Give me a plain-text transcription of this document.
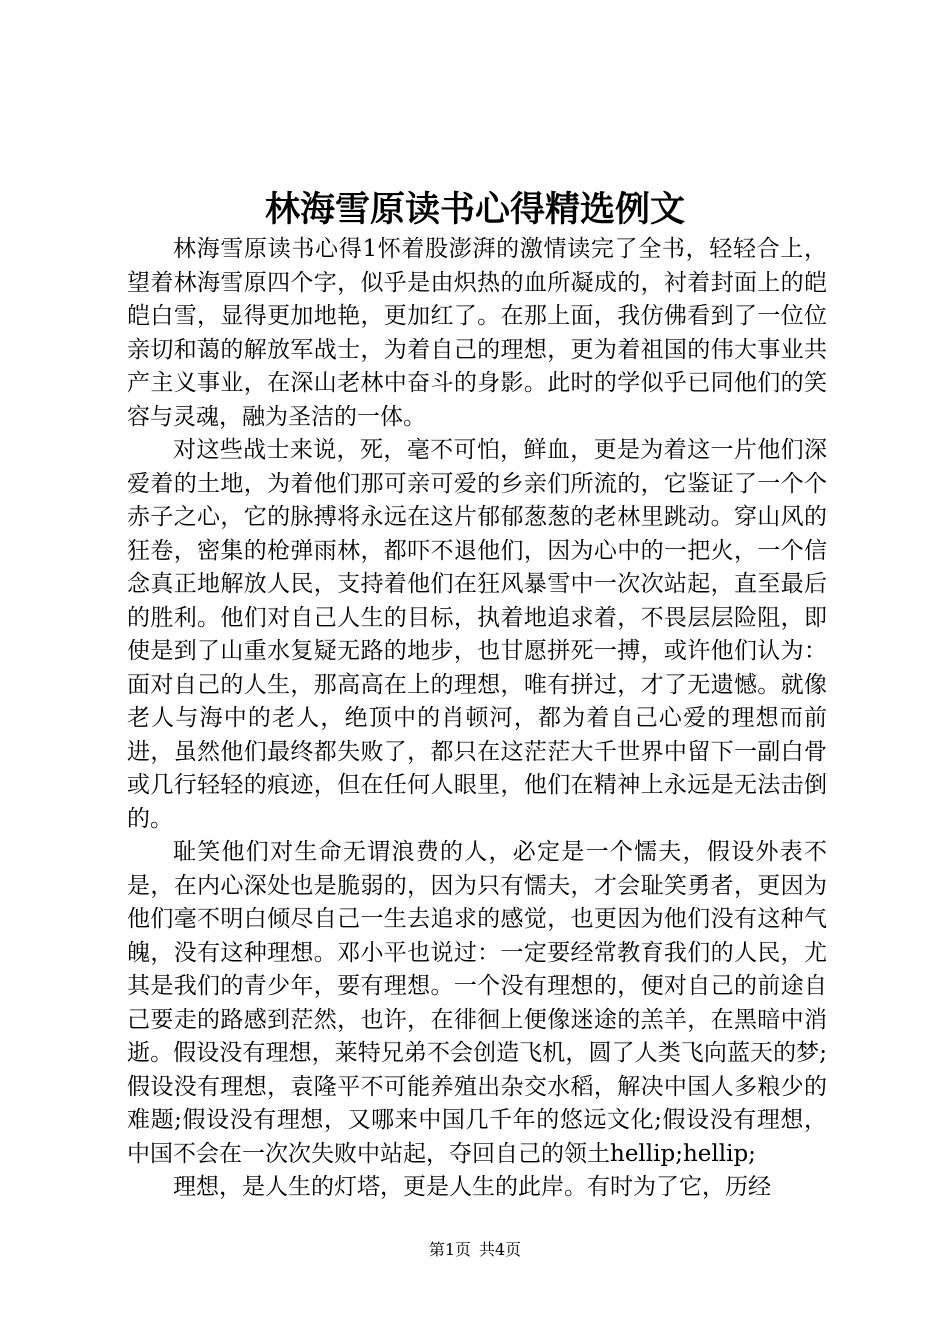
林海雪原读书心得精选例文

林海雪原读书心得1怀着股澎湃的激情读完了全书，轻轻合上，望着林海雪原四个字，似乎是由炽热的血所凝成的，衬着封面上的皑皑白雪，显得更加地艳，更加红了。在那上面，我仿佛看到了一位位亲切和蔼的解放军战士，为着自己的理想，更为着祖国的伟大事业共产主义事业，在深山老林中奋斗的身影。此时的学似乎已同他们的笑容与灵魂，融为圣洁的一体。

对这些战士来说，死，毫不可怕，鲜血，更是为着这一片他们深爱着的土地，为着他们那可亲可爱的乡亲们所流的，它鉴证了一个个赤子之心，它的脉搏将永远在这片郁郁葱葱的老林里跳动。穿山风的狂卷，密集的枪弹雨林，都吓不退他们，因为心中的一把火，一个信念真正地解放人民，支持着他们在狂风暴雪中一次次站起，直至最后的胜利。他们对自己人生的目标，执着地追求着，不畏层层险阻，即使是到了山重水复疑无路的地步，也甘愿拼死一搏，或许他们认为：面对自己的人生，那高高在上的理想，唯有拼过，才了无遗憾。就像老人与海中的老人，绝顶中的肖顿河，都为着自己心爱的理想而前进，虽然他们最终都失败了，都只在这茫茫大千世界中留下一副白骨或几行轻轻的痕迹，但在任何人眼里，他们在精神上永远是无法击倒的。

耻笑他们对生命无谓浪费的人，必定是一个懦夫，假设外表不是，在内心深处也是脆弱的，因为只有懦夫，才会耻笑勇者，更因为他们毫不明白倾尽自己一生去追求的感觉，也更因为他们没有这种气魄，没有这种理想。邓小平也说过：一定要经常教育我们的人民，尤其是我们的青少年，要有理想。一个没有理想的，便对自己的前途自己要走的路感到茫然，也许，在徘徊上便像迷途的羔羊，在黑暗中消逝。假设没有理想，莱特兄弟不会创造飞机，圆了人类飞向蓝天的梦;假设没有理想，袁隆平不可能养殖出杂交水稻，解决中国人多粮少的难题;假设没有理想，又哪来中国几千年的悠远文化;假设没有理想，中国不会在一次次失败中站起，夺回自己的领土hellip;hellip;

理想，是人生的灯塔，更是人生的此岸。有时为了它，历经

第1页 共4页
